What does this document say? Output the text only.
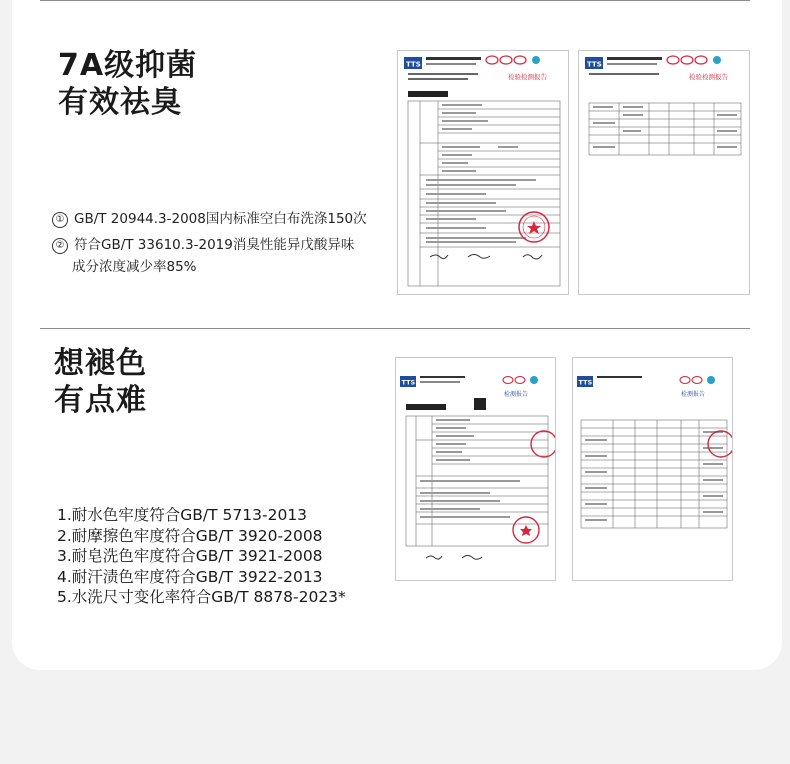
7A级抑菌
有效祛臭
① GB/T 20944.3-2008国内标准空白布洗涤150次
② 符合GB/T 33610.3-2019消臭性能异戊酸异味
成分浓度减少率85%
TTS
检验检测报告
TTS
检验检测报告
想褪色
有点难
1.耐水色牢度符合GB/T 5713-2013
2.耐摩擦色牢度符合GB/T 3920-2008
3.耐皂洗色牢度符合GB/T 3921-2008
4.耐汗渍色牢度符合GB/T 3922-2013
5.水洗尺寸变化率符合GB/T 8878-2023*
TTS
检测报告
TTS
检测报告
